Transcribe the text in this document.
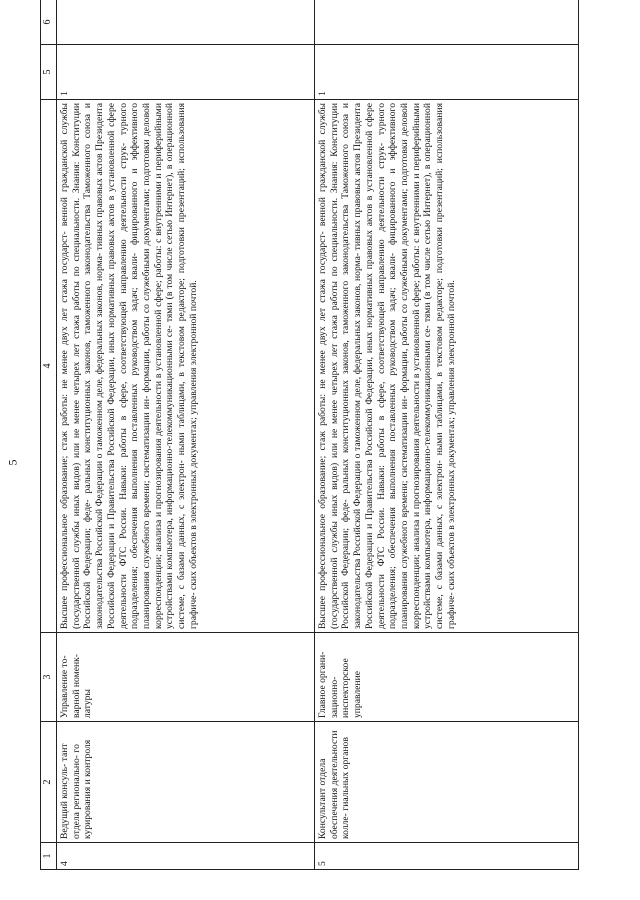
5
1	2	3	4	5	6
4	Ведущий консуль- тант отдела регионально- го курирования и контроля	Управление то- варной номенк- латуры	Высшее профессиональное образование; стаж работы: не менее двух лет стажа государст- венной гражданской службы (государственной службы иных видов) или не менее четырех лет стажа работы по специальности. Знания: Конституции Российской Федерации; феде- ральных конституционных законов, таможенного законодательства Таможенного союза и законодательства Российской Федерации о таможенном деле, федеральных законов, норма- тивных правовых актов Президента Российской Федерации и Правительства Российской Федерации, иных нормативных правовых актов в установленной сфере деятельности ФТС России. Навыки: работы в сфере, соответствующей направлению деятельности струк- турного подразделения; обеспечения выполнения поставленных руководством задач; квали- фицированного и эффективного планирования служебного времени; систематизации ин- формации, работы со служебными документами; подготовки деловой корреспонденции; анализа и прогнозирования деятельности в установленной сфере; работы: с внутренними и периферийными устройствами компьютера, информационно-телекоммуникационными се- тями (в том числе сетью Интернет), в операционной системе, с базами данных, с электрон- ными таблицами, в текстовом редакторе; подготовки презентаций; использования графиче- ских объектов в электронных документах; управления электронной почтой.	1	
5	Консультант отдела обеспечения деятельности колле- гиальных органов	Главное органи- зационно- инспекторское управление	Высшее профессиональное образование; стаж работы: не менее двух лет стажа государст- венной гражданской службы (государственной службы иных видов) или не менее четырех лет стажа работы по специальности. Знания: Конституции Российской Федерации; феде- ральных конституционных законов, таможенного законодательства Таможенного союза и законодательства Российской Федерации о таможенном деле, федеральных законов, норма- тивных правовых актов Президента Российской Федерации и Правительства Российской Федерации, иных нормативных правовых актов в установленной сфере деятельности ФТС России. Навыки: работы в сфере, соответствующей направлению деятельности струк- турного подразделения; обеспечения выполнения поставленных руководством задач; квали- фицированного и эффективного планирования служебного времени; систематизации ин- формации, работы со служебными документами; подготовки деловой корреспонденции; анализа и прогнозирования деятельности в установленной сфере; работы: с внутренними и периферийными устройствами компьютера, информационно-телекоммуникационными се- тями (в том числе сетью Интернет), в операционной системе, с базами данных, с электрон- ными таблицами, в текстовом редакторе; подготовки презентаций; использования графиче- ских объектов в электронных документах; управления электронной почтой.	1	
